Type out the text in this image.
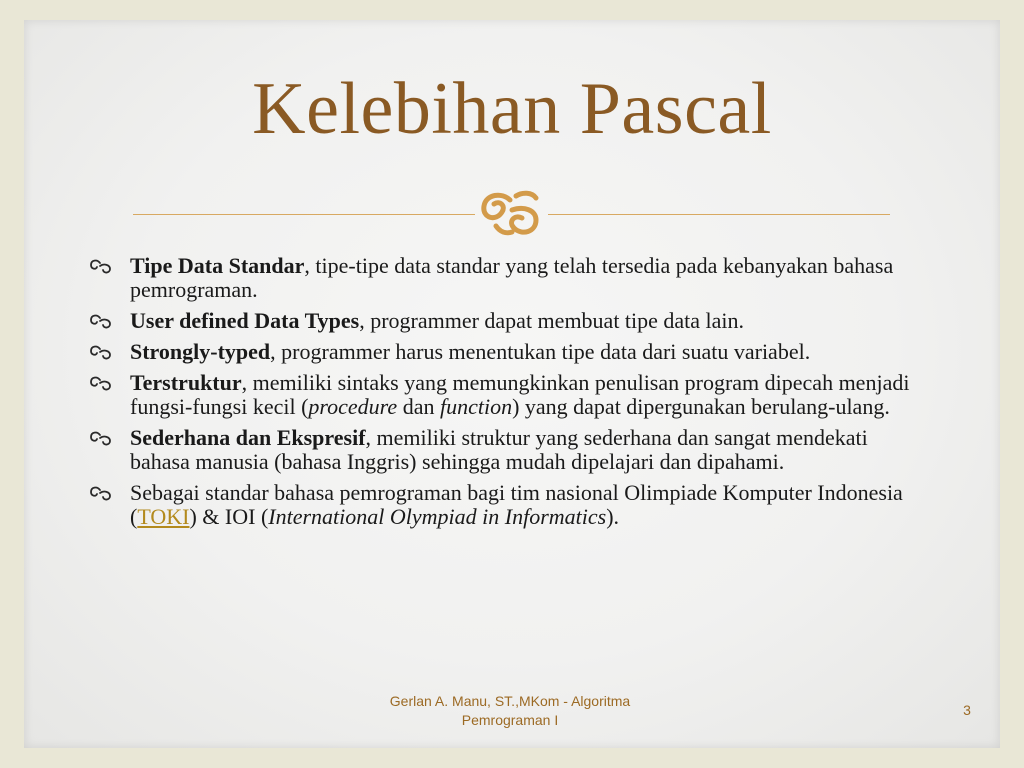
Kelebihan Pascal
Tipe Data Standar, tipe-tipe data standar yang telah tersedia pada kebanyakan bahasa pemrograman.
User defined Data Types, programmer dapat membuat tipe data lain.
Strongly-typed, programmer harus menentukan tipe data dari suatu variabel.
Terstruktur, memiliki sintaks yang memungkinkan penulisan program dipecah menjadi fungsi-fungsi kecil (procedure dan function) yang dapat dipergunakan berulang-ulang.
Sederhana dan Ekspresif, memiliki struktur yang sederhana dan sangat mendekati bahasa manusia (bahasa Inggris) sehingga mudah dipelajari dan dipahami.
Sebagai standar bahasa pemrograman bagi tim nasional Olimpiade Komputer Indonesia (TOKI) & IOI (International Olympiad in Informatics).
Gerlan A. Manu, ST.,MKom - Algoritma
Pemrograman I
3
